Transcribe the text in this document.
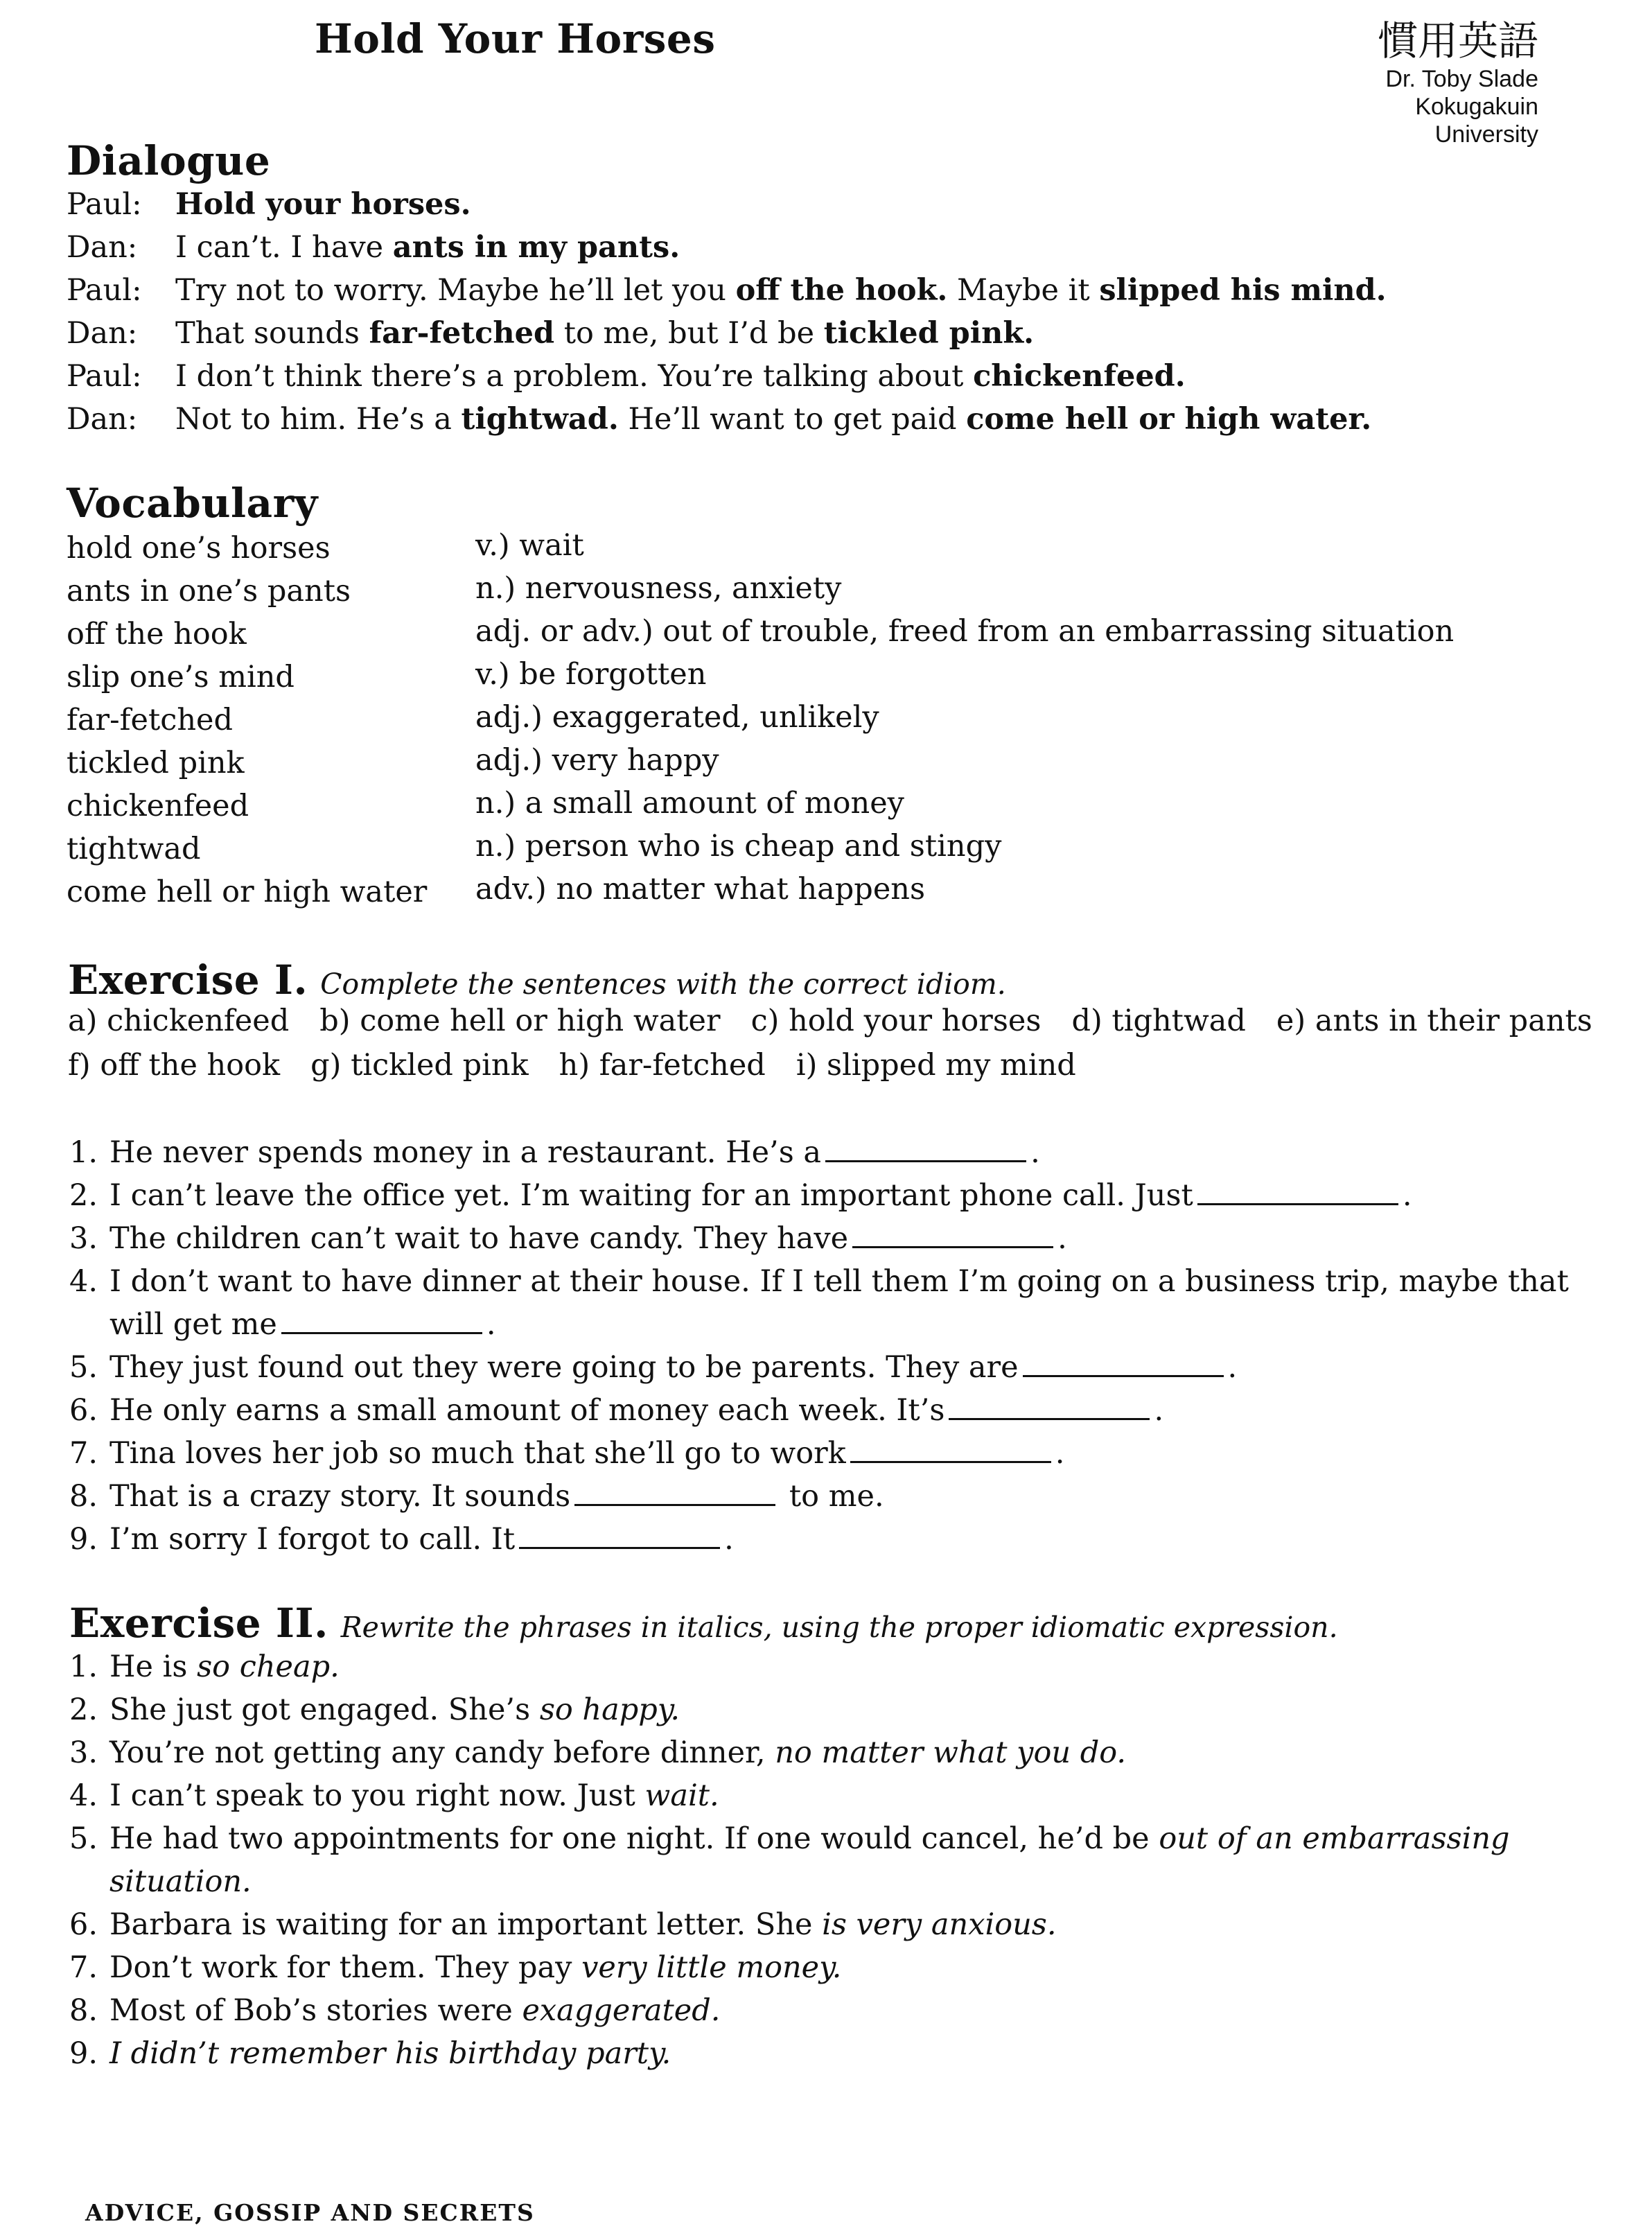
Hold Your Horses	慣用英語
Dr. Toby Slade
Kokugakuin
University
Dialogue
Paul: Hold your horses.
Dan: I can’t. I have ants in my pants.
Paul: Try not to worry. Maybe he’ll let you off the hook. Maybe it slipped his mind.
Dan: That sounds far-fetched to me, but I’d be tickled pink.
Paul: I don’t think there’s a problem. You’re talking about chickenfeed.
Dan: Not to him. He’s a tightwad. He’ll want to get paid come hell or high water.
Vocabulary
hold one’s horses	v.) wait
ants in one’s pants	n.) nervousness, anxiety
off the hook	adj. or adv.) out of trouble, freed from an embarrassing situation
slip one’s mind	v.) be forgotten
far-fetched	adj.) exaggerated, unlikely
tickled pink	adj.) very happy
chickenfeed	n.) a small amount of money
tightwad	n.) person who is cheap and stingy
come hell or high water adv.) no matter what happens
Exercise I. Complete the sentences with the correct idiom.
a) chickenfeed b) come hell or high water c) hold your horses d) tightwad e) ants in their pants
f) off the hook g) tickled pink h) far-fetched i) slipped my mind
1. He never spends money in a restaurant. He’s a	.
2. I can’t leave the office yet. I’m waiting for an important phone call. Just	.
3. The children can’t wait to have candy. They have	.
4. I don’t want to have dinner at their house. If I tell them I’m going on a business trip, maybe that
will get me	.
5. They just found out they were going to be parents. They are	.
6. He only earns a small amount of money each week. It’s	.
7. Tina loves her job so much that she’ll go to work	.
8. That is a crazy story. It sounds	to me.
9. I’m sorry I forgot to call. It	.
Exercise II. Rewrite the phrases in italics, using the proper idiomatic expression.
1. He is so cheap.
2. She just got engaged. She’s so happy.
3. You’re not getting any candy before dinner, no matter what you do.
4. I can’t speak to you right now. Just wait.
5. He had two appointments for one night. If one would cancel, he’d be out of an embarrassing
situation.
6. Barbara is waiting for an important letter. She is very anxious.
7. Don’t work for them. They pay very little money.
8. Most of Bob’s stories were exaggerated.
9. I didn’t remember his birthday party.
ADVICE, GOSSIP AND SECRETS
